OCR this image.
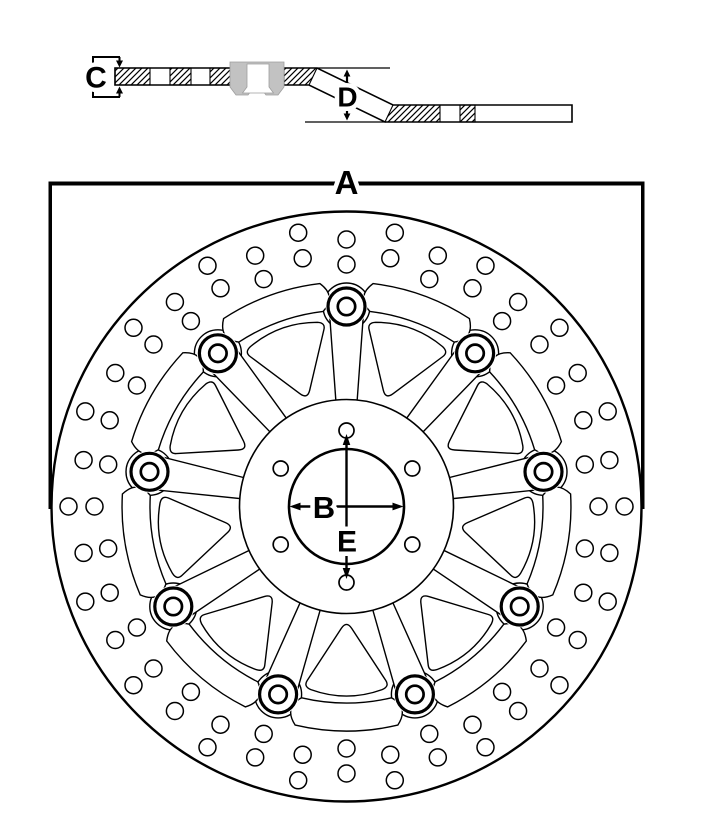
C
D
B
E
A
